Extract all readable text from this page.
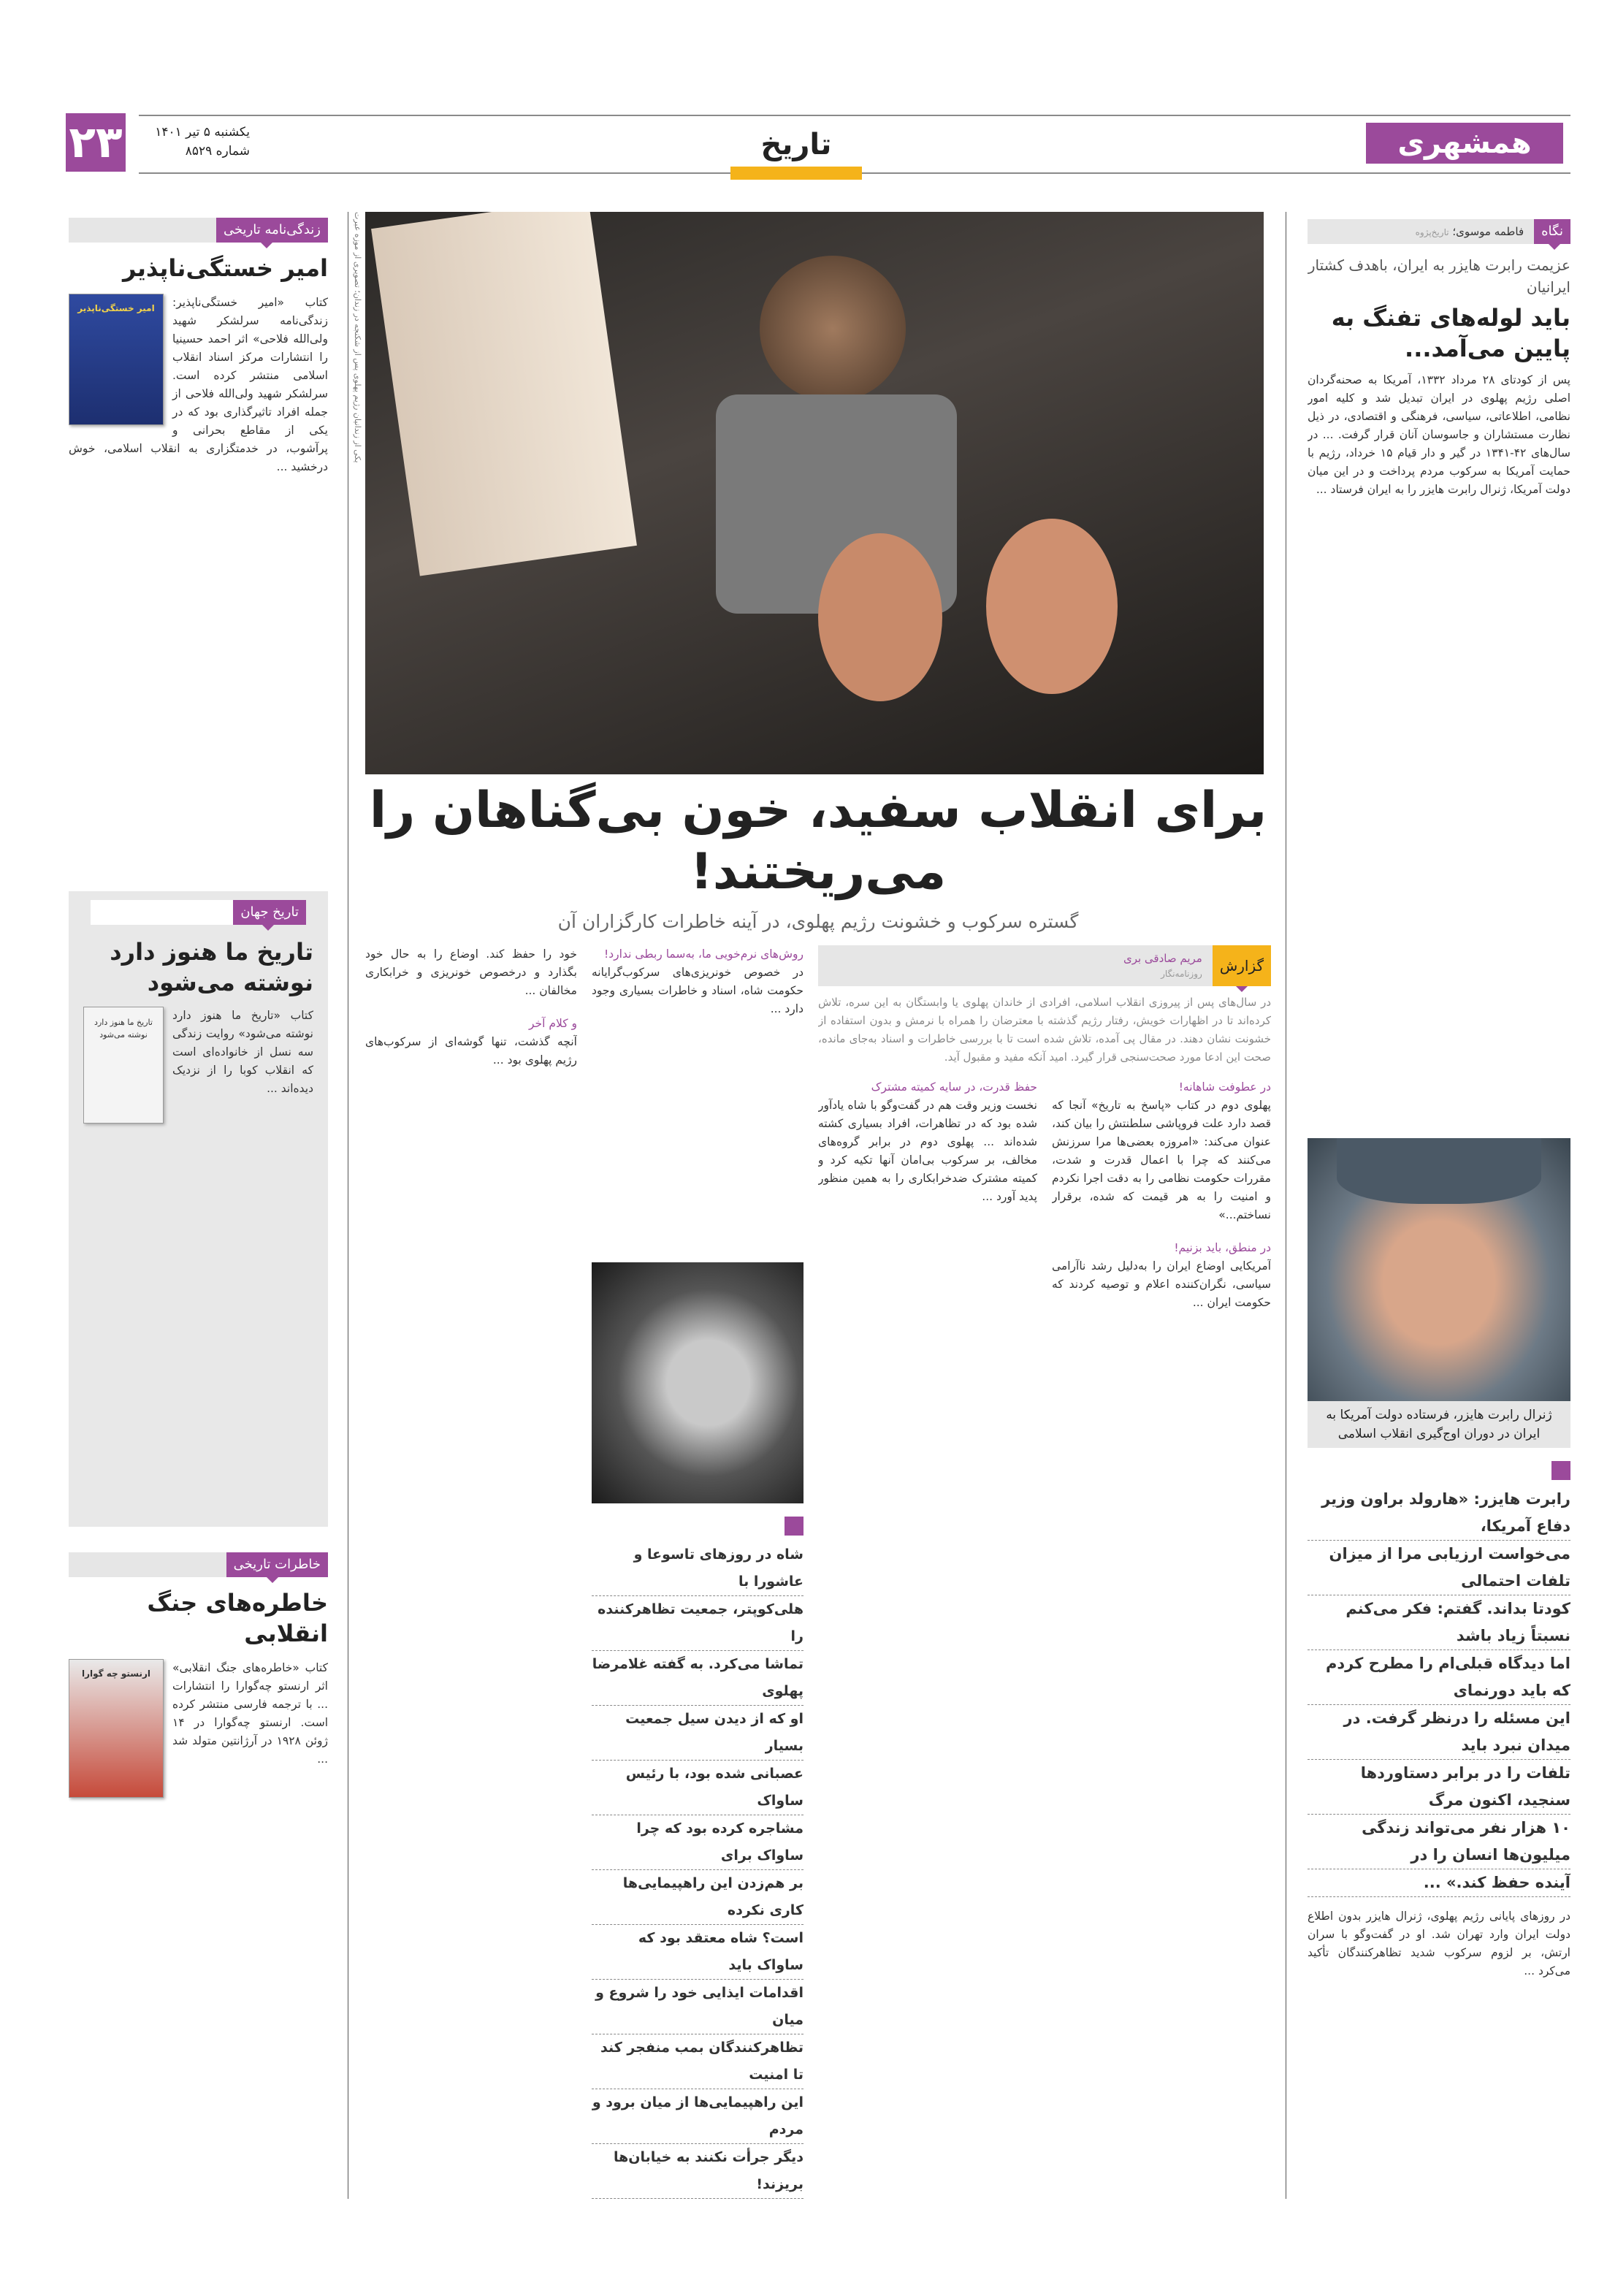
۲۳	یکشنبه ۵ تیر ۱۴۰۱
شماره ۸۵۲۹	تاریخ	همشهری
نگاه
فاطمه موسوی؛ تاریخ‌پژوه
عزیمت رابرت هایزر به ایران، باهدف کشتار ایرانیان
باید لوله‌های تفنگ به پایین می‌آمد...
پس از کودتای ۲۸ مرداد ۱۳۳۲، آمریکا به صحنه‌گردان اصلی رژیم پهلوی در ایران تبدیل شد و کلیه امور نظامی، اطلاعاتی، سیاسی، فرهنگی و اقتصادی، در ذیل نظارت مستشاران و جاسوسان آنان قرار گرفت. ... در سال‌های ۴۲-۱۳۴۱ در گیر و دار قیام ۱۵ خرداد، رژیم با حمایت آمریکا به سرکوب مردم پرداخت و در این میان دولت آمریکا، ژنرال رابرت هایزر را به ایران فرستاد ...
ژنرال رابرت هایزر، فرستاده دولت آمریکا به ایران در دوران اوج‌گیری انقلاب اسلامی
رابرت هایزر: «هارولد براون وزیر دفاع آمریکا،
می‌خواست ارزیابی مرا از میزان تلفات احتمالی
کودتا بداند. گفتم: فکر می‌کنم نسبتاً زیاد باشد
اما دیدگاه قبلی‌ام را مطرح کردم که باید دورنمای
این مسئله را درنظر گرفت. در میدان نبرد باید
تلفات را در برابر دستاوردها سنجید، اکنون مرگ
۱۰ هزار نفر می‌تواند زندگی میلیون‌ها انسان را در
آینده حفظ کند.» ...
در روزهای پایانی رژیم پهلوی، ژنرال هایزر بدون اطلاع دولت ایران وارد تهران شد. او در گفت‌وگو با سران ارتش، بر لزوم سرکوب شدید تظاهرکنندگان تأکید می‌کرد ...
یکی از زندانیان رژیم پهلوی پس از شکنجه در زندان؛ تصویری از موزه عبرت
برای انقلاب سفید، خون بی‌گناهان را می‌ریختند!
گستره سرکوب و خشونت رژیم پهلوی، در آینه خاطرات کارگزاران آن
گزارش
مریم صادقی بری
روزنامه‌نگار
در سال‌های پس از پیروزی انقلاب اسلامی، افرادی از خاندان پهلوی یا وابستگان به این سره، تلاش کرده‌اند تا در اظهارات خویش، رفتار رژیم گذشته با معترضان را همراه با نرمش و بدون استفاده از خشونت نشان دهند. در مقال پی آمده، تلاش شده است تا با بررسی خاطرات و اسناد به‌جای مانده، صحت این ادعا مورد صحت‌سنجی قرار گیرد. امید آنکه مفید و مقبول آید.
در عطوفت شاهانه!
پهلوی دوم در کتاب «پاسخ به تاریخ» آنجا که قصد دارد علت فروپاشی سلطنتش را بیان کند، عنوان می‌کند: «امروزه بعضی‌ها مرا سرزنش می‌کنند که چرا با اعمال قدرت و شدت، مقررات حکومت نظامی را به دقت اجرا نکردم و امنیت را به هر قیمت که شده، برقرار نساختم...»
در منطق، باید بزنیم!
آمریکایی اوضاع ایران را به‌دلیل رشد ناآرامی سیاسی، نگران‌کننده اعلام و توصیه کردند که حکومت ایران ...
حفظ قدرت، در سایه کمیته مشترک
نخست وزیر وقت هم در گفت‌وگو با شاه یادآور شده بود که در تظاهرات، افراد بسیاری کشته شده‌اند ... پهلوی دوم در برابر گروه‌های مخالف، بر سرکوب بی‌امان آنها تکیه کرد و کمیته مشترک ضدخرابکاری را به همین منظور پدید آورد ...
روش‌های نرم‌خویی ما، به‌سما ربطی ندارد!
در خصوص خونریزی‌های سرکوب‌گرایانه حکومت شاه، اسناد و خاطرات بسیاری وجود دارد ...
شاه در روزهای تاسوعا و عاشورا با
هلی‌کوپتر، جمعیت تظاهرکننده را
تماشا می‌کرد. به گفته غلامرضا پهلوی
او که از دیدن سیل جمعیت بسیار
عصبانی شده بود، با رئیس ساواک
مشاجره کرده بود که چرا ساواک برای
بر هم‌زدن این راهپیمایی‌ها کاری نکرده
است؟ شاه معتقد بود که ساواک باید
اقدامات ایذایی خود را شروع و میان
تظاهرکنندگان بمب منفجر کند تا امنیت
این راهپیمایی‌ها از میان برود و مردم
دیگر جرأت نکنند به خیابان‌ها بریزند!
خود را حفظ کند. اوضاع را به حال خود بگذارد و درخصوص خونریزی و خرابکاری مخالفان ...
و کلام آخر
آنچه گذشت، تنها گوشه‌ای از سرکوب‌های رژیم پهلوی بود ...
زندگی‌نامه تاریخی
امیر خستگی‌ناپذیر
امیر خستگی‌ناپذیر	کتاب «امیر خستگی‌ناپذیر: زندگی‌نامه سرلشکر شهید ولی‌الله فلاحی» اثر احمد حسینیا را انتشارات مرکز اسناد انقلاب اسلامی منتشر کرده است. سرلشکر شهید ولی‌الله فلاحی از جمله افراد تاثیرگذاری بود که در یکی از مقاطع بحرانی و پرآشوب، در خدمتگزاری به انقلاب اسلامی، خوش درخشید ...
تاریخ جهان
تاریخ ما هنوز دارد نوشته می‌شود
تاریخ ما هنوز دارد نوشته می‌شود
کتاب «تاریخ ما هنوز دارد نوشته می‌شود» روایت زندگی سه نسل از خانواده‌ای است که انقلاب کوبا را از نزدیک دیده‌اند ...
خاطرات تاریخی
خاطره‌های جنگ انقلابی
ارنستو چه گوارا	کتاب «خاطره‌های جنگ انقلابی» اثر ارنستو چه‌گوارا را انتشارات ... با ترجمه فارسی منتشر کرده است. ارنستو چه‌گوارا در ۱۴ ژوئن ۱۹۲۸ در آرژانتین متولد شد ...
